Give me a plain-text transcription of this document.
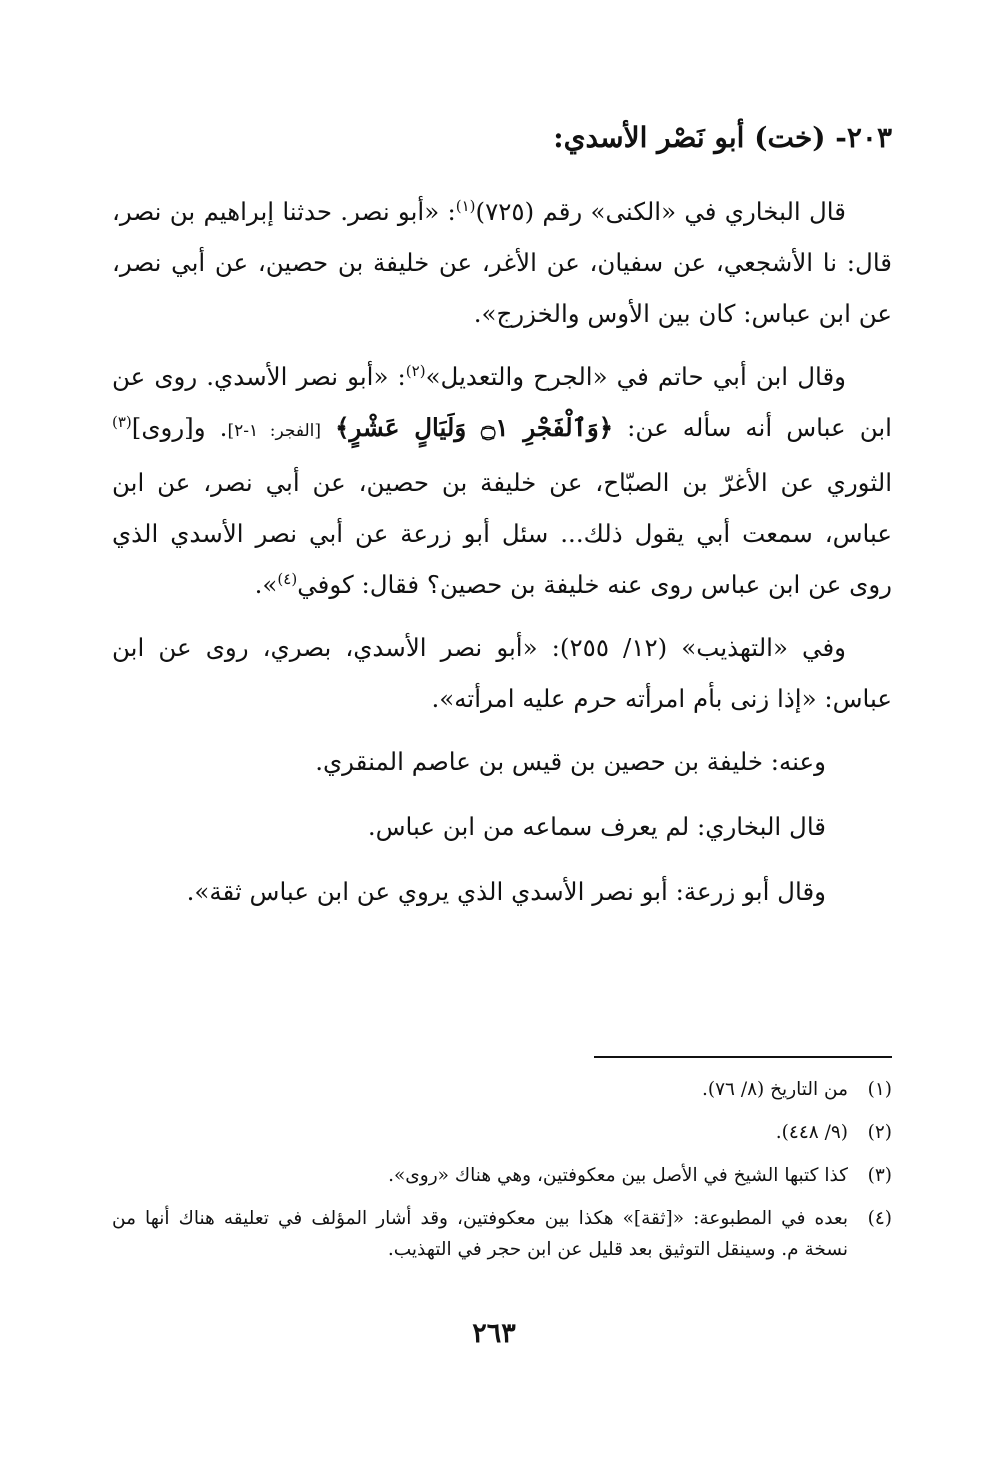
٢٠٣- (خت) أبو نَصْر الأسدي:

قال البخاري في «الكنى» رقم (٧٢٥)$^{(١)}$: «أبو نصر. حدثنا إبراهيم بن نصر، قال: نا الأشجعي، عن سفيان، عن الأغر، عن خليفة بن حصين، عن أبي نصر، عن ابن عباس: كان بين الأوس والخزرج».

وقال ابن أبي حاتم في «الجرح والتعديل»$^{(٢)}$: «أبو نصر الأسدي. روى عن ابن عباس أنه سأله عن: ﴿وَٱلْفَجْرِ ۝١ وَلَيَالٍ عَشْرٍ﴾ [الفجر: ١-٢]. و[روى]$^{(٣)}$ الثوري عن الأغرّ بن الصبّاح، عن خليفة بن حصين، عن أبي نصر، عن ابن عباس، سمعت أبي يقول ذلك... سئل أبو زرعة عن أبي نصر الأسدي الذي روى عن ابن عباس روى عنه خليفة بن حصين؟ فقال: كوفي$^{(٤)}$».

وفي «التهذيب» (١٢/ ٢٥٥): «أبو نصر الأسدي، بصري، روى عن ابن عباس: «إذا زنى بأم امرأته حرم عليه امرأته».

وعنه: خليفة بن حصين بن قيس بن عاصم المنقري.
قال البخاري: لم يعرف سماعه من ابن عباس.
وقال أبو زرعة: أبو نصر الأسدي الذي يروي عن ابن عباس ثقة».
(١)
من التاريخ (٨/ ٧٦).
(٢)
(٩/ ٤٤٨).
(٣)
كذا كتبها الشيخ في الأصل بين معكوفتين، وهي هناك «روى».
(٤)
بعده في المطبوعة: «[ثقة]» هكذا بين معكوفتين، وقد أشار المؤلف في تعليقه هناك أنها من نسخة م. وسينقل التوثيق بعد قليل عن ابن حجر في التهذيب.
٢٦٣
